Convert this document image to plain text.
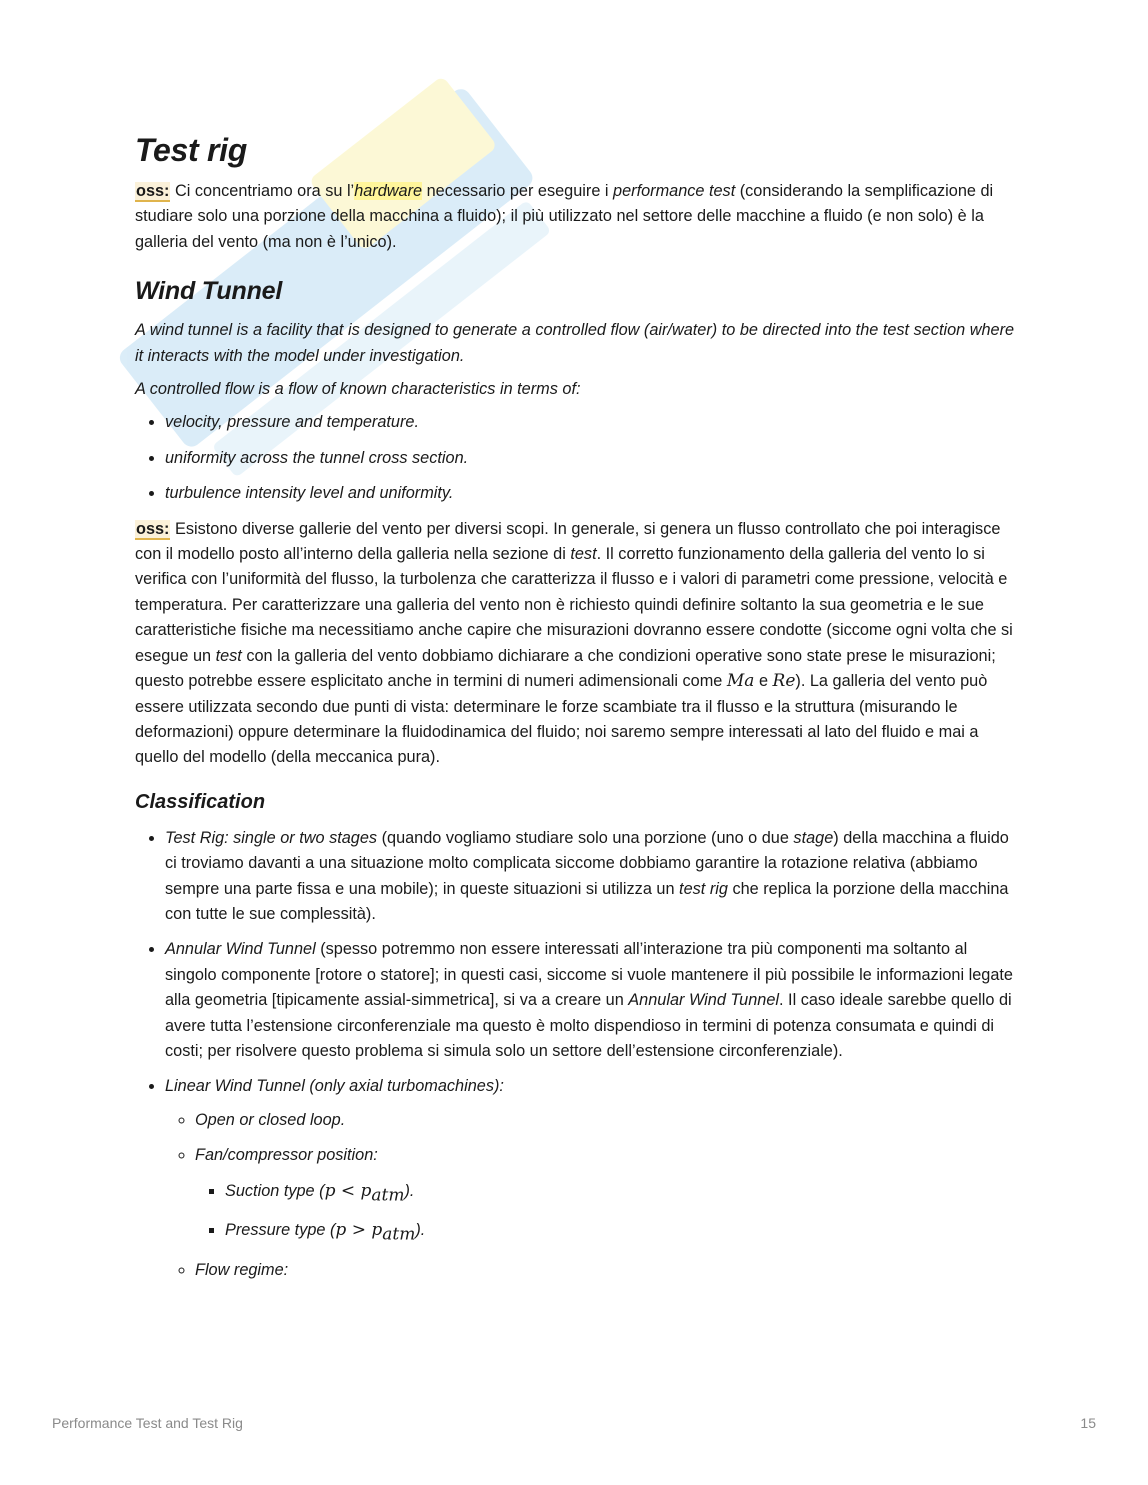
Test rig

oss: Ci concentriamo ora su l’hardware necessario per eseguire i performance test (considerando la semplificazione di studiare solo una porzione della macchina a fluido); il più utilizzato nel settore delle macchine a fluido (e non solo) è la galleria del vento (ma non è l’unico).

Wind Tunnel

A wind tunnel is a facility that is designed to generate a controlled flow (air/water) to be directed into the test section where it interacts with the model under investigation.

A controlled flow is a flow of known characteristics in terms of:

• velocity, pressure and temperature.
• uniformity across the tunnel cross section.
• turbulence intensity level and uniformity.

oss: Esistono diverse gallerie del vento per diversi scopi. In generale, si genera un flusso controllato che poi interagisce con il modello posto all’interno della galleria nella sezione di test. Il corretto funzionamento della galleria del vento lo si verifica con l’uniformità del flusso, la turbolenza che caratterizza il flusso e i valori di parametri come pressione, velocità e temperatura. Per caratterizzare una galleria del vento non è richiesto quindi definire soltanto la sua geometria e le sue caratteristiche fisiche ma necessitiamo anche capire che misurazioni dovranno essere condotte (siccome ogni volta che si esegue un test con la galleria del vento dobbiamo dichiarare a che condizioni operative sono state prese le misurazioni; questo potrebbe essere esplicitato anche in termini di numeri adimensionali come Ma e Re). La galleria del vento può essere utilizzata secondo due punti di vista: determinare le forze scambiate tra il flusso e la struttura (misurando le deformazioni) oppure determinare la fluidodinamica del fluido; noi saremo sempre interessati al lato del fluido e mai a quello del modello (della meccanica pura).

Classification
• Test Rig: single or two stages (quando vogliamo studiare solo una porzione (uno o due stage) della macchina a fluido ci troviamo davanti a una situazione molto complicata siccome dobbiamo garantire la rotazione relativa (abbiamo sempre una parte fissa e una mobile); in queste situazioni si utilizza un test rig che replica la porzione della macchina con tutte le sue complessità).
• Annular Wind Tunnel (spesso potremmo non essere interessati all’interazione tra più componenti ma soltanto al singolo componente [rotore o statore]; in questi casi, siccome si vuole mantenere il più possibile le informazioni legate alla geometria [tipicamente assial-simmetrica], si va a creare un Annular Wind Tunnel. Il caso ideale sarebbe quello di avere tutta l’estensione circonferenziale ma questo è molto dispendioso in termini di potenza consumata e quindi di costi; per risolvere questo problema si simula solo un settore dell’estensione circonferenziale).
• Linear Wind Tunnel (only axial turbomachines):
◦ Open or closed loop.
◦ Fan/compressor position:
▪ Suction type $(p < p_{atm})$.
▪ Pressure type $(p > p_{atm})$.
◦ Flow regime:
Performance Test and Test Rig	15
